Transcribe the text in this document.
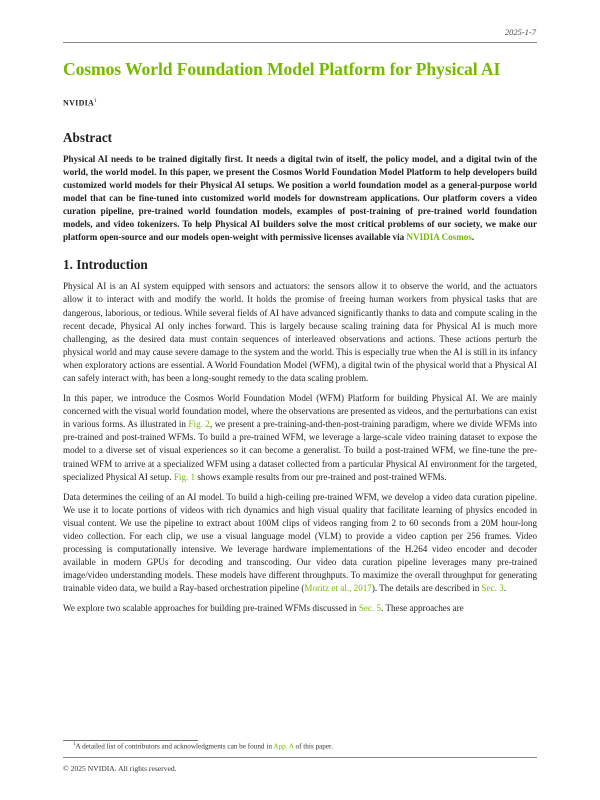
2025-1-7
Cosmos World Foundation Model Platform for Physical AI
NVIDIA$^1$
Abstract

Physical AI needs to be trained digitally first. It needs a digital twin of itself, the policy model, and a digital twin of the world, the world model. In this paper, we present the Cosmos World Foundation Model Platform to help developers build customized world models for their Physical AI setups. We position a world foundation model as a general-purpose world model that can be fine-tuned into customized world models for downstream applications. Our platform covers a video curation pipeline, pre-trained world foundation models, examples of post-training of pre-trained world foundation models, and video tokenizers. To help Physical AI builders solve the most critical problems of our society, we make our platform open-source and our models open-weight with permissive licenses available via NVIDIA Cosmos.

1. Introduction

Physical AI is an AI system equipped with sensors and actuators: the sensors allow it to observe the world, and the actuators allow it to interact with and modify the world. It holds the promise of freeing human workers from physical tasks that are dangerous, laborious, or tedious. While several fields of AI have advanced significantly thanks to data and compute scaling in the recent decade, Physical AI only inches forward. This is largely because scaling training data for Physical AI is much more challenging, as the desired data must contain sequences of interleaved observations and actions. These actions perturb the physical world and may cause severe damage to the system and the world. This is especially true when the AI is still in its infancy when exploratory actions are essential. A World Foundation Model (WFM), a digital twin of the physical world that a Physical AI can safely interact with, has been a long-sought remedy to the data scaling problem.

In this paper, we introduce the Cosmos World Foundation Model (WFM) Platform for building Physical AI. We are mainly concerned with the visual world foundation model, where the observations are presented as videos, and the perturbations can exist in various forms. As illustrated in Fig. 2, we present a pre-training-and-then-post-training paradigm, where we divide WFMs into pre-trained and post-trained WFMs. To build a pre-trained WFM, we leverage a large-scale video training dataset to expose the model to a diverse set of visual experiences so it can become a generalist. To build a post-trained WFM, we fine-tune the pre-trained WFM to arrive at a specialized WFM using a dataset collected from a particular Physical AI environment for the targeted, specialized Physical AI setup. Fig. 1 shows example results from our pre-trained and post-trained WFMs.

Data determines the ceiling of an AI model. To build a high-ceiling pre-trained WFM, we develop a video data curation pipeline. We use it to locate portions of videos with rich dynamics and high visual quality that facilitate learning of physics encoded in visual content. We use the pipeline to extract about 100M clips of videos ranging from 2 to 60 seconds from a 20M hour-long video collection. For each clip, we use a visual language model (VLM) to provide a video caption per 256 frames. Video processing is computationally intensive. We leverage hardware implementations of the H.264 video encoder and decoder available in modern GPUs for decoding and transcoding. Our video data curation pipeline leverages many pre-trained image/video understanding models. These models have different throughputs. To maximize the overall throughput for generating trainable video data, we build a Ray-based orchestration pipeline (Moritz et al., 2017). The details are described in Sec. 3.

We explore two scalable approaches for building pre-trained WFMs discussed in Sec. 5. These approaches are

$^1$A detailed list of contributors and acknowledgments can be found in App. A of this paper.
© 2025 NVIDIA. All rights reserved.
